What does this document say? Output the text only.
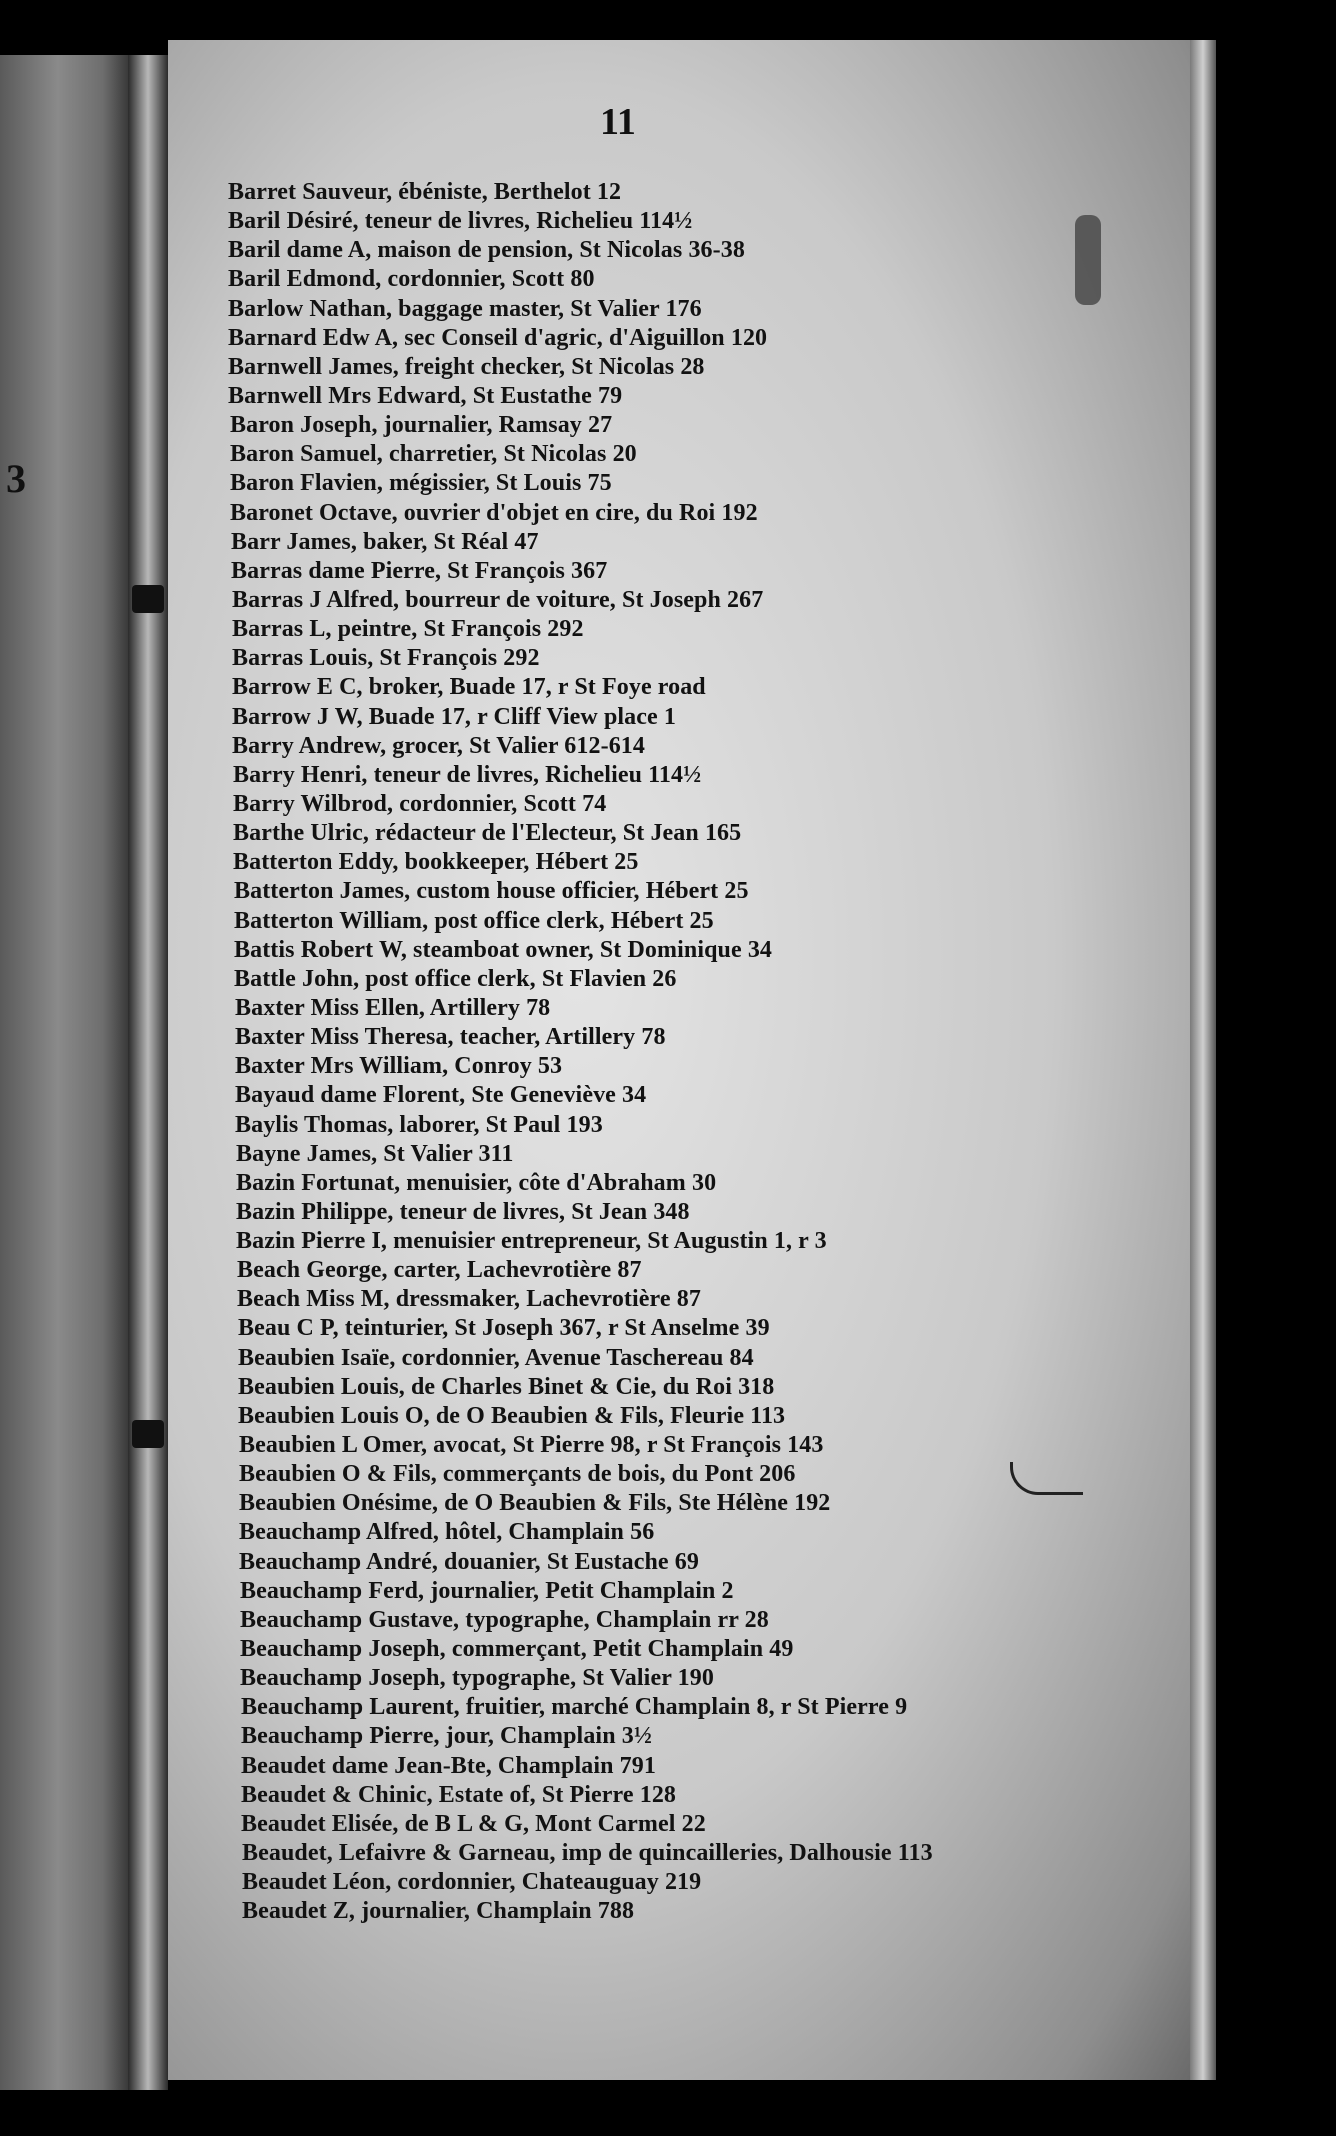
3
11
Barret Sauveur, ébéniste, Berthelot 12
Baril Désiré, teneur de livres, Richelieu 114½
Baril dame A, maison de pension, St Nicolas 36-38
Baril Edmond, cordonnier, Scott 80
Barlow Nathan, baggage master, St Valier 176
Barnard Edw A, sec Conseil d'agric, d'Aiguillon 120
Barnwell James, freight checker, St Nicolas 28
Barnwell Mrs Edward, St Eustathe 79
Baron Joseph, journalier, Ramsay 27
Baron Samuel, charretier, St Nicolas 20
Baron Flavien, mégissier, St Louis 75
Baronet Octave, ouvrier d'objet en cire, du Roi 192
Barr James, baker, St Réal 47
Barras dame Pierre, St François 367
Barras J Alfred, bourreur de voiture, St Joseph 267
Barras L, peintre, St François 292
Barras Louis, St François 292
Barrow E C, broker, Buade 17, r St Foye road
Barrow J W, Buade 17, r Cliff View place 1
Barry Andrew, grocer, St Valier 612-614
Barry Henri, teneur de livres, Richelieu 114½
Barry Wilbrod, cordonnier, Scott 74
Barthe Ulric, rédacteur de l'Electeur, St Jean 165
Batterton Eddy, bookkeeper, Hébert 25
Batterton James, custom house officier, Hébert 25
Batterton William, post office clerk, Hébert 25
Battis Robert W, steamboat owner, St Dominique 34
Battle John, post office clerk, St Flavien 26
Baxter Miss Ellen, Artillery 78
Baxter Miss Theresa, teacher, Artillery 78
Baxter Mrs William, Conroy 53
Bayaud dame Florent, Ste Geneviève 34
Baylis Thomas, laborer, St Paul 193
Bayne James, St Valier 311
Bazin Fortunat, menuisier, côte d'Abraham 30
Bazin Philippe, teneur de livres, St Jean 348
Bazin Pierre I, menuisier entrepreneur, St Augustin 1, r 3
Beach George, carter, Lachevrotière 87
Beach Miss M, dressmaker, Lachevrotière 87
Beau C P, teinturier, St Joseph 367, r St Anselme 39
Beaubien Isaïe, cordonnier, Avenue Taschereau 84
Beaubien Louis, de Charles Binet & Cie, du Roi 318
Beaubien Louis O, de O Beaubien & Fils, Fleurie 113
Beaubien L Omer, avocat, St Pierre 98, r St François 143
Beaubien O & Fils, commerçants de bois, du Pont 206
Beaubien Onésime, de O Beaubien & Fils, Ste Hélène 192
Beauchamp Alfred, hôtel, Champlain 56
Beauchamp André, douanier, St Eustache 69
Beauchamp Ferd, journalier, Petit Champlain 2
Beauchamp Gustave, typographe, Champlain rr 28
Beauchamp Joseph, commerçant, Petit Champlain 49
Beauchamp Joseph, typographe, St Valier 190
Beauchamp Laurent, fruitier, marché Champlain 8, r St Pierre 9
Beauchamp Pierre, jour, Champlain 3½
Beaudet dame Jean-Bte, Champlain 791
Beaudet & Chinic, Estate of, St Pierre 128
Beaudet Elisée, de B L & G, Mont Carmel 22
Beaudet, Lefaivre & Garneau, imp de quincailleries, Dalhousie 113
Beaudet Léon, cordonnier, Chateauguay 219
Beaudet Z, journalier, Champlain 788
